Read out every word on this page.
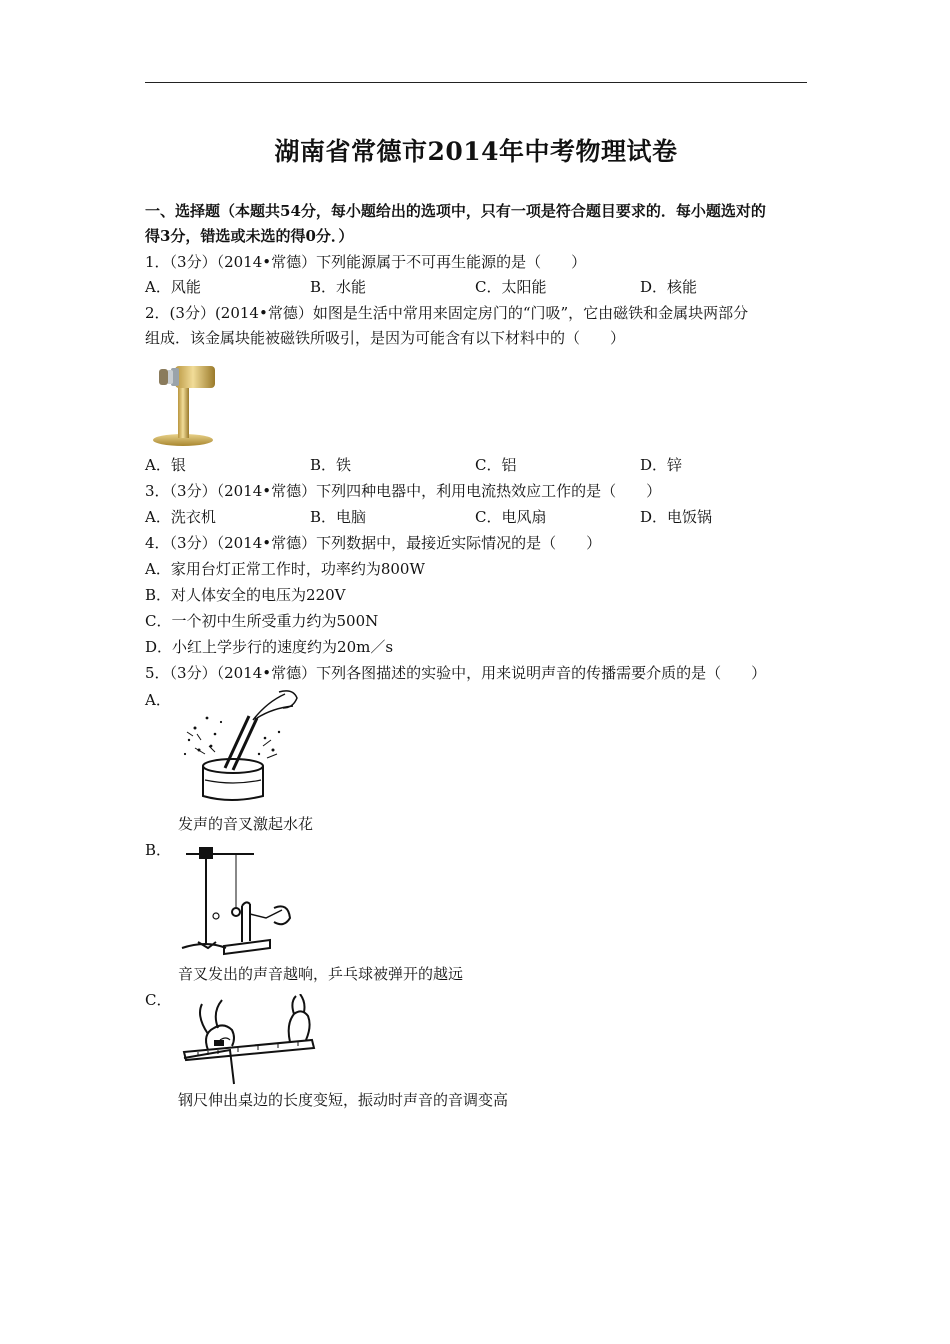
湖南省常德市2014年中考物理试卷
一、选择题（本题共54分，每小题给出的选项中，只有一项是符合题目要求的．每小题选对的
得3分，错选或未选的得0分．）
1．（3分）（2014•常德）下列能源属于不可再生能源的是（　　）
A．风能	B．水能	C．太阳能	D．核能
2．(3分）(2014•常德）如图是生活中常用来固定房门的“门吸”，它由磁铁和金属块两部分
组成．该金属块能被磁铁所吸引，是因为可能含有以下材料中的（　　）
A．银	B．铁	C．铝	D．锌
3．（3分）（2014•常德）下列四种电器中，利用电流热效应工作的是（　　）
A．洗衣机	B．电脑	C．电风扇	D．电饭锅
4．（3分）（2014•常德）下列数据中，最接近实际情况的是（　　）
A．家用台灯正常工作时，功率约为800W
B．对人体安全的电压为220V
C．一个初中生所受重力约为500N
D．小红上学步行的速度约为20m／s
5．（3分）（2014•常德）下列各图描述的实验中，用来说明声音的传播需要介质的是（　　）
A．
发声的音叉激起水花
B．
音叉发出的声音越响，乒乓球被弹开的越远
C．
钢尺伸出桌边的长度变短，振动时声音的音调变高
